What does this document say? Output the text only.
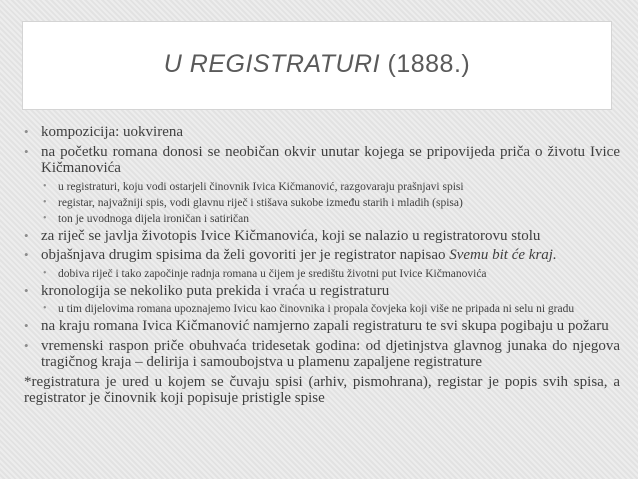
U REGISTRATURI (1888.)

• kompozicija: uokvirena

• na početku romana donosi se neobičan okvir unutar kojega se pripovijeda priča o životu Ivice Kičmanovića

• u registraturi, koju vodi ostarjeli činovnik Ivica Kičmanović, razgovaraju prašnjavi spisi

• registar, najvažniji spis, vodi glavnu riječ i stišava sukobe između starih i mladih (spisa)

• ton je uvodnoga dijela ironičan i satiričan

• za riječ se javlja životopis Ivice Kičmanovića, koji se nalazio u registratorovu stolu

• objašnjava drugim spisima da želi govoriti jer je registrator napisao Svemu bit će kraj.

• dobiva riječ i tako započinje radnja romana u čijem je središtu životni put Ivice Kičmanovića

• kronologija se nekoliko puta prekida i vraća u registraturu

• u tim dijelovima romana upoznajemo Ivicu kao činovnika i propala čovjeka koji više ne pripada ni selu ni gradu

• na kraju romana Ivica Kičmanović namjerno zapali registraturu te svi skupa pogibaju u požaru

• vremenski raspon priče obuhvaća tridesetak godina: od djetinjstva glavnog junaka do njegova tragičnog kraja – delirija i samoubojstva u plamenu zapaljene registrature

*registratura je ured u kojem se čuvaju spisi (arhiv, pismohrana), registar je popis svih spisa, a registrator je činovnik koji popisuje pristigle spise
